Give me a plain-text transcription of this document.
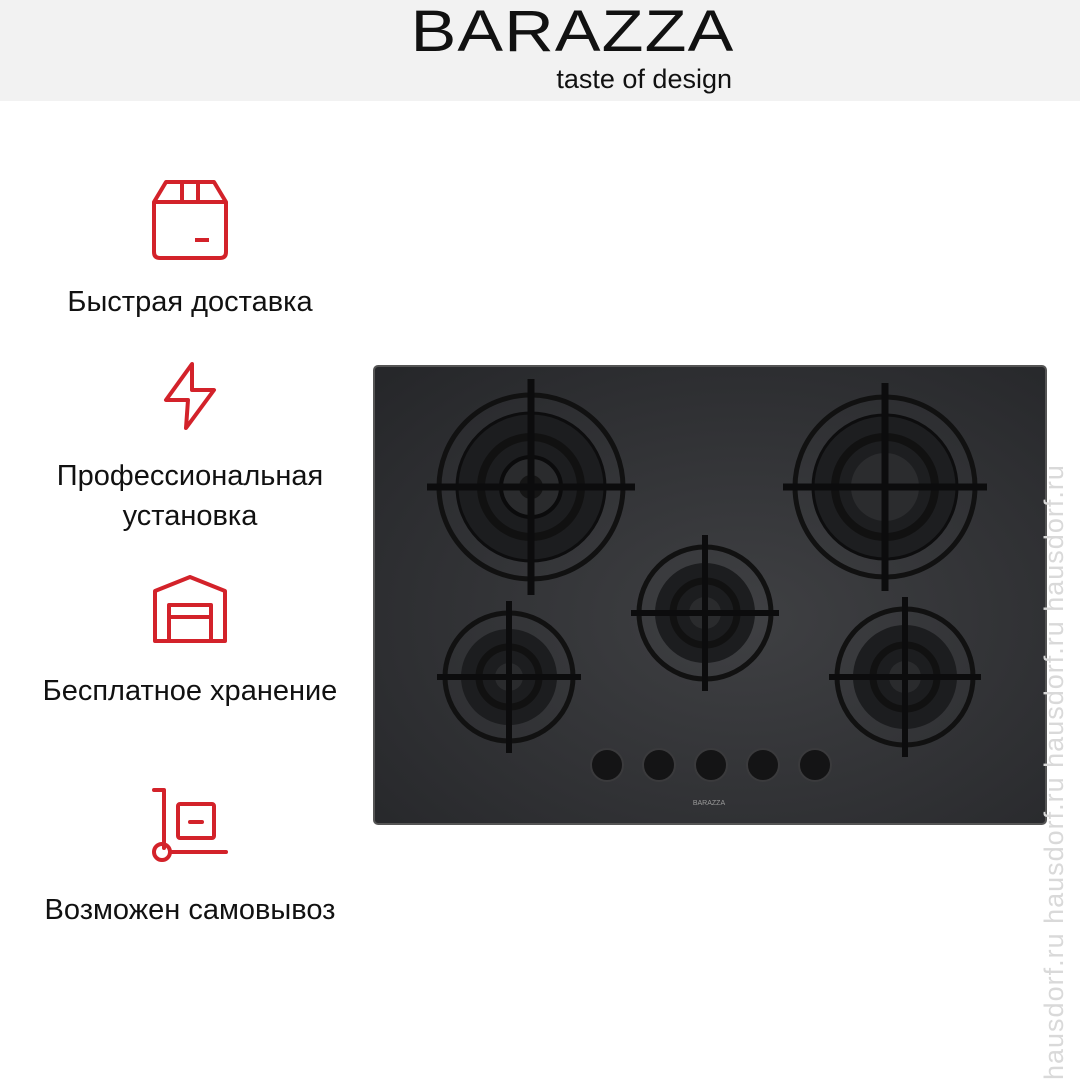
BARAZZA
taste of design
Быстрая доставка
Профессиональная установка
Бесплатное хранение
Возможен самовывоз
BARAZZA	hausdorf.ru hausdorf.ru hausdorf.ru hausdorf.ru
